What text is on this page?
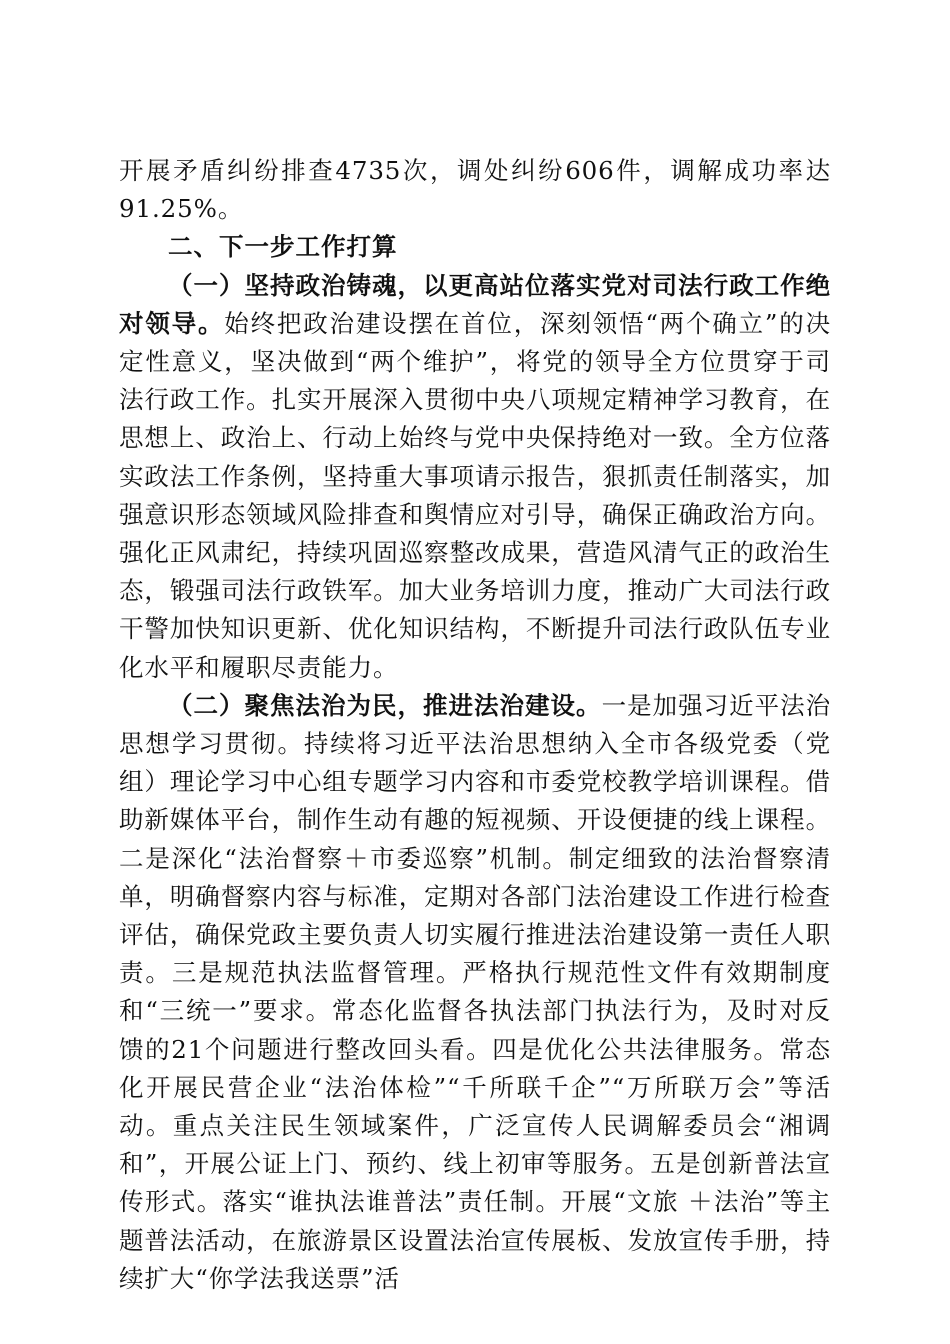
开展矛盾纠纷排查4735次，调处纠纷606件，调解成功率达91.25%。

二、下一步工作打算

（一）坚持政治铸魂，以更高站位落实党对司法行政工作绝对领导。始终把政治建设摆在首位，深刻领悟“两个确立”的决定性意义，坚决做到“两个维护”，将党的领导全方位贯穿于司法行政工作。扎实开展深入贯彻中央八项规定精神学习教育，在思想上、政治上、行动上始终与党中央保持绝对一致。全方位落实政法工作条例，坚持重大事项请示报告，狠抓责任制落实，加强意识形态领域风险排查和舆情应对引导，确保正确政治方向。强化正风肃纪，持续巩固巡察整改成果，营造风清气正的政治生态，锻强司法行政铁军。加大业务培训力度，推动广大司法行政干警加快知识更新、优化知识结构，不断提升司法行政队伍专业化水平和履职尽责能力。

（二）聚焦法治为民，推进法治建设。一是加强习近平法治思想学习贯彻。持续将习近平法治思想纳入全市各级党委（党组）理论学习中心组专题学习内容和市委党校教学培训课程。借助新媒体平台，制作生动有趣的短视频、开设便捷的线上课程。二是深化“法治督察＋市委巡察”机制。制定细致的法治督察清单，明确督察内容与标准，定期对各部门法治建设工作进行检查评估，确保党政主要负责人切实履行推进法治建设第一责任人职责。三是规范执法监督管理。严格执行规范性文件有效期制度和“三统一”要求。常态化监督各执法部门执法行为，及时对反馈的21个问题进行整改回头看。四是优化公共法律服务。常态化开展民营企业“法治体检”“千所联千企”“万所联万会”等活动。重点关注民生领域案件，广泛宣传人民调解委员会“湘调和”，开展公证上门、预约、线上初审等服务。五是创新普法宣传形式。落实“谁执法谁普法”责任制。开展“文旅 ＋法治”等主题普法活动，在旅游景区设置法治宣传展板、发放宣传手册，持续扩大“你学法我送票”活
